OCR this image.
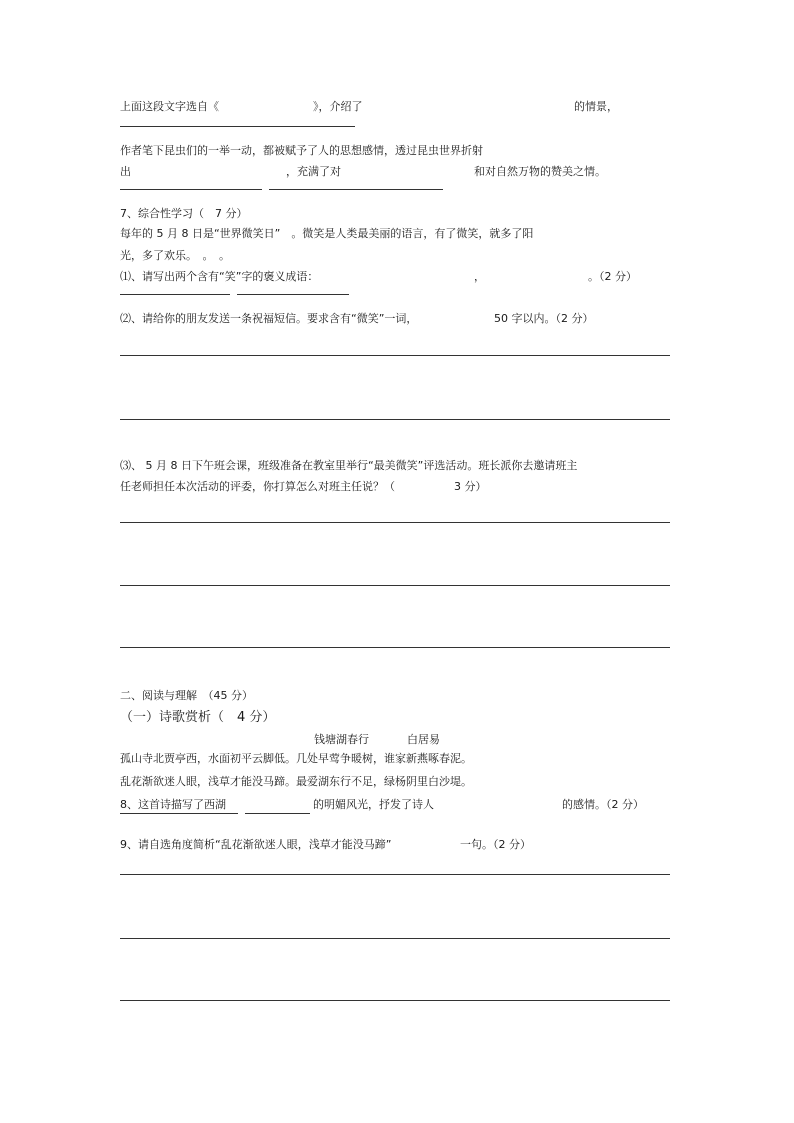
上面这段文字选自《	》，介绍了	的情景，
作者笔下昆虫们的一举一动，都被赋予了人的思想感情，透过昆虫世界折射
出	，充满了对	和对自然万物的赞美之情。
7、综合性学习（　7 分）
每年的 5 月 8 日是“世界微笑日”　。微笑是人类最美丽的语言，有了微笑，就多了阳
光，多了欢乐。　。　。
⑴、请写出两个含有“笑”字的褒义成语：	，	。（2 分）
⑵、请给你的朋友发送一条祝福短信。要求含有“微笑”一词，	50 字以内。（2 分）
⑶、 5 月 8 日下午班会课，班级准备在教室里举行“最美微笑”评选活动。班长派你去邀请班主
任老师担任本次活动的评委，你打算怎么对班主任说？（	3 分）
二、阅读与理解　（45 分）
（一）诗歌赏析（　4 分）
钱塘湖春行	白居易
孤山寺北贾亭西，水面初平云脚低。几处早莺争暖树，谁家新燕啄春泥。
乱花渐欲迷人眼，浅草才能没马蹄。最爱湖东行不足，绿杨阴里白沙堤。
8、这首诗描写了西湖	的明媚风光，抒发了诗人	的感情。（2 分）
9、请自选角度简析“乱花渐欲迷人眼，浅草才能没马蹄”	一句。（2 分）
